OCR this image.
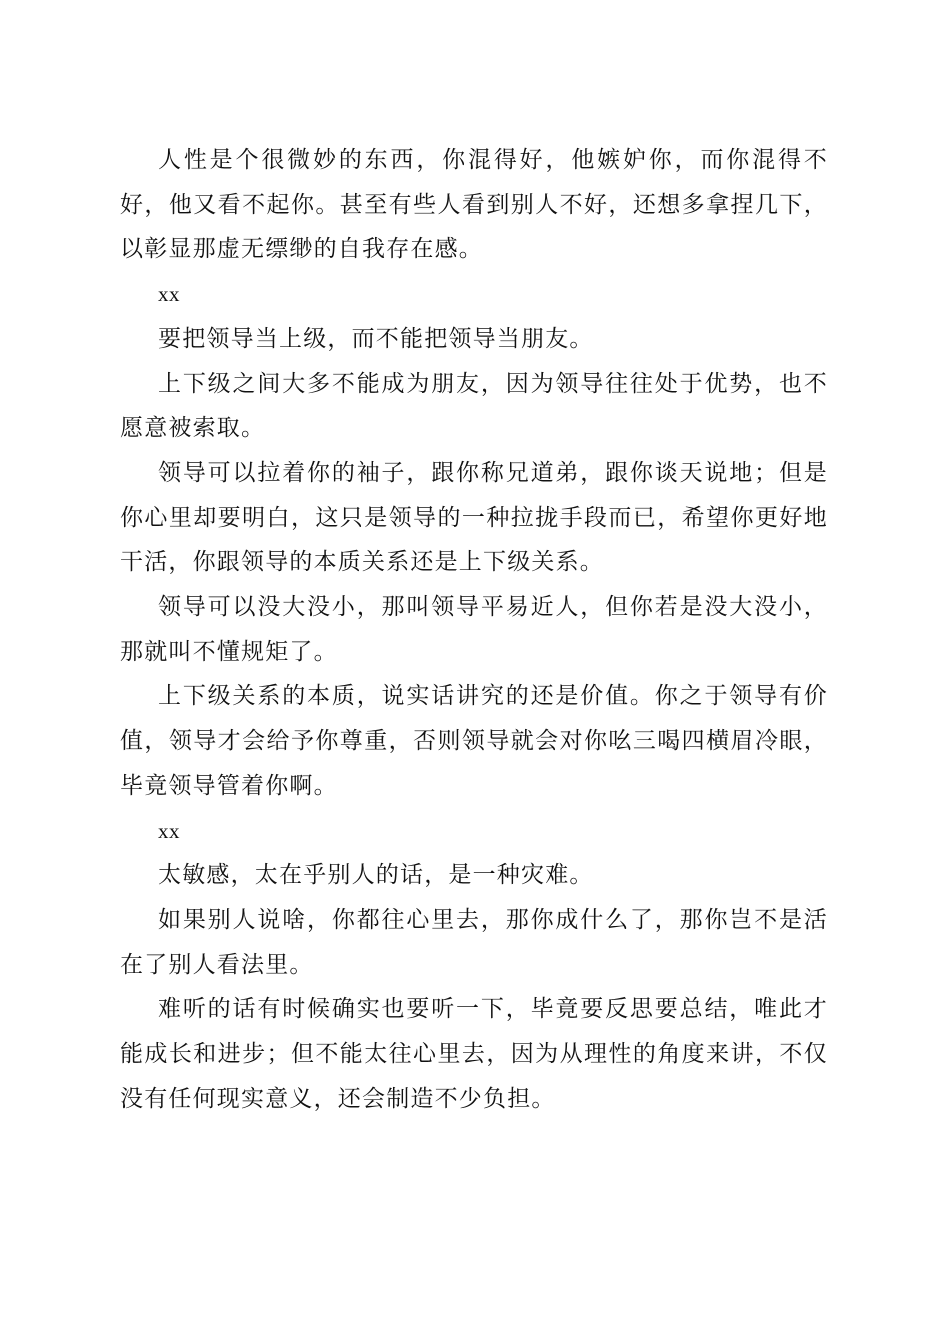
人性是个很微妙的东西，你混得好，他嫉妒你，而你混得不好，他又看不起你。甚至有些人看到别人不好，还想多拿捏几下，以彰显那虚无缥缈的自我存在感。

xx

要把领导当上级，而不能把领导当朋友。

上下级之间大多不能成为朋友，因为领导往往处于优势，也不愿意被索取。

领导可以拉着你的袖子，跟你称兄道弟，跟你谈天说地；但是你心里却要明白，这只是领导的一种拉拢手段而已，希望你更好地干活，你跟领导的本质关系还是上下级关系。

领导可以没大没小，那叫领导平易近人，但你若是没大没小，那就叫不懂规矩了。

上下级关系的本质，说实话讲究的还是价值。你之于领导有价值，领导才会给予你尊重，否则领导就会对你吆三喝四横眉冷眼，毕竟领导管着你啊。

xx

太敏感，太在乎别人的话，是一种灾难。

如果别人说啥，你都往心里去，那你成什么了，那你岂不是活在了别人看法里。

难听的话有时候确实也要听一下，毕竟要反思要总结，唯此才能成长和进步；但不能太往心里去，因为从理性的角度来讲，不仅没有任何现实意义，还会制造不少负担。
